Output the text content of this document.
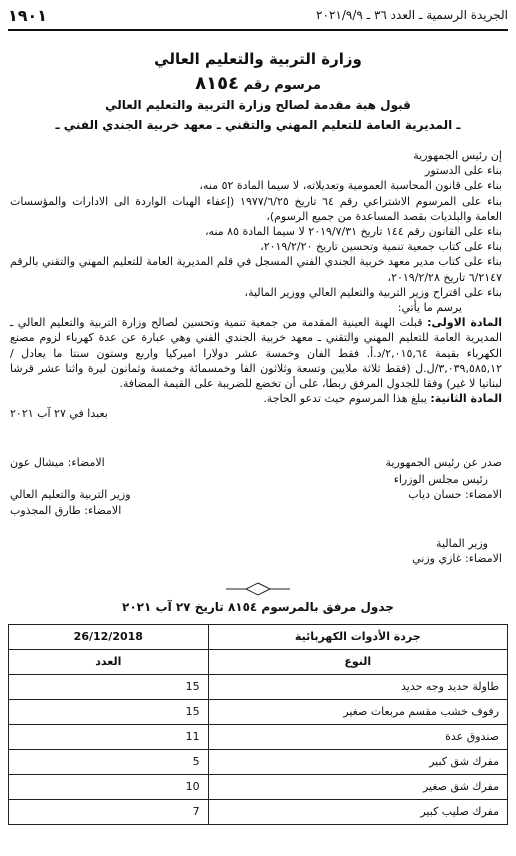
الجريدة الرسمية ـ العدد ٣٦ ـ ٢٠٢١/٩/٩
١٩٠١
وزارة التربية والتعليم العالي
مرسوم رقم ٨١٥٤
قبول هبة مقدمة لصالح وزارة التربية والتعليم العالي
ـ المديرية العامة للتعليم المهني والتقني ـ معهد خربية الجندي الفني ـ

إن رئيس الجمهورية

بناء على الدستور

بناء على قانون المحاسبة العمومية وتعديلاته، لا سيما المادة ٥٢ منه،

بناء على المرسوم الاشتراعي رقم ٦٤ تاريخ ١٩٧٧/٦/٢٥ (إعفاء الهبات الواردة الى الادارات والمؤسسات العامة والبلديات بقصد المساعدة من جميع الرسوم)،

بناء على القانون رقم ١٤٤ تاريخ ٢٠١٩/٧/٣١ لا سيما المادة ٨٥ منه،

بناء على كتاب جمعية تنمية وتحسين تاريخ ٢٠١٩/٢/٢٠،

بناء على كتاب مدير معهد خربية الجندي الفني المسجل في قلم المديرية العامة للتعليم المهني والتقني بالرقم ٦/٢١٤٧ تاريخ ٢٠١٩/٢/٢٨،

بناء على اقتراح وزير التربية والتعليم العالي ووزير المالية،

يرسم ما يأتي:

المادة الاولى: قبلت الهبة العينية المقدمة من جمعية تنمية وتحسين لصالح وزارة التربية والتعليم العالي ـ المديرية العامة للتعليم المهني والتقني ـ معهد خربية الجندي الفني وهي عبارة عن عدة كهرباء لزوم مصنع الكهرباء بقيمة ٢,٠١٥,٦٤/د.أ. فقط الفان وخمسة عشر دولارا اميركيا واربع وستون سنتا ما يعادل / ٣,٠٣٩,٥٨٥,١٢/ل.ل (فقط ثلاثة ملايين وتسعة وثلاثون الفا وخمسمائة وخمسة وثمانون ليرة واثنا عشر قرشا لبنانيا لا غير) وفقا للجدول المرفق ربطا، على أن تخضع للضريبة على القيمة المضافة.

المادة الثانية: يبلغ هذا المرسوم حيث تدعو الحاجة.

بعبدا في ٢٧ آب ٢٠٢١

صدر عن رئيس الجمهورية
الامضاء: ميشال عون
رئيس مجلس الوزراء
الامضاء: حسان دياب
وزير التربية والتعليم العالي
الامضاء: طارق المجذوب
وزير المالية
الامضاء: غازي وزني
جدول مرفق بالمرسوم ٨١٥٤ تاريخ ٢٧ آب ٢٠٢١
جردة الأدوات الكهربائية	26/12/2018
النوع	العدد
طاولة حديد وجه حديد	15
رفوف خشب مقسم مربعات صغير	15
صندوق عدة	11
مفرك شق كبير	5
مفرك شق صغير	10
مفرك صليب كبير	7
